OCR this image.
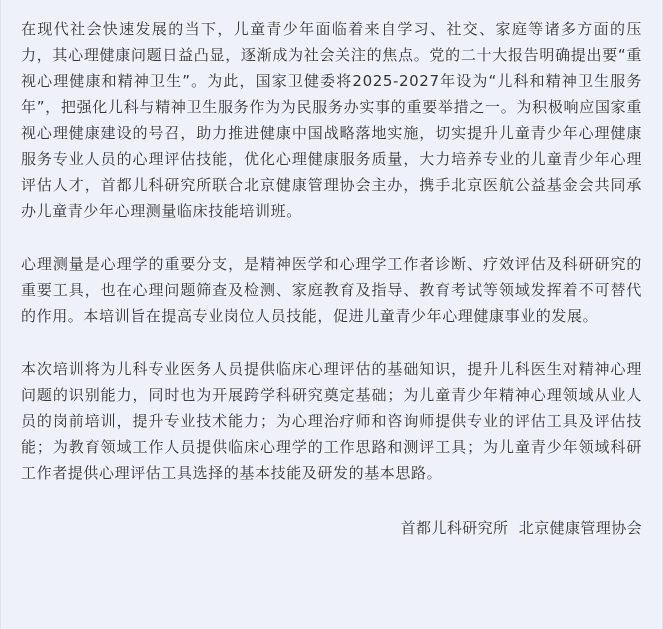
在现代社会快速发展的当下，儿童青少年面临着来自学习、社交、家庭等诸多方面的压力，其心理健康问题日益凸显，逐渐成为社会关注的焦点。党的二十大报告明确提出要“重视心理健康和精神卫生”。为此，国家卫健委将2025-2027年设为“儿科和精神卫生服务年”，把强化儿科与精神卫生服务作为为民服务办实事的重要举措之一。为积极响应国家重视心理健康建设的号召，助力推进健康中国战略落地实施，切实提升儿童青少年心理健康服务专业人员的心理评估技能，优化心理健康服务质量，大力培养专业的儿童青少年心理评估人才，首都儿科研究所联合北京健康管理协会主办，携手北京医航公益基金会共同承办儿童青少年心理测量临床技能培训班。

心理测量是心理学的重要分支，是精神医学和心理学工作者诊断、疗效评估及科研研究的重要工具，也在心理问题筛查及检测、家庭教育及指导、教育考试等领域发挥着不可替代的作用。本培训旨在提高专业岗位人员技能，促进儿童青少年心理健康事业的发展。

本次培训将为儿科专业医务人员提供临床心理评估的基础知识，提升儿科医生对精神心理问题的识别能力，同时也为开展跨学科研究奠定基础；为儿童青少年精神心理领域从业人员的岗前培训，提升专业技术能力；为心理治疗师和咨询师提供专业的评估工具及评估技能；为教育领域工作人员提供临床心理学的工作思路和测评工具；为儿童青少年领域科研工作者提供心理评估工具选择的基本技能及研发的基本思路。

首都儿科研究所  北京健康管理协会
